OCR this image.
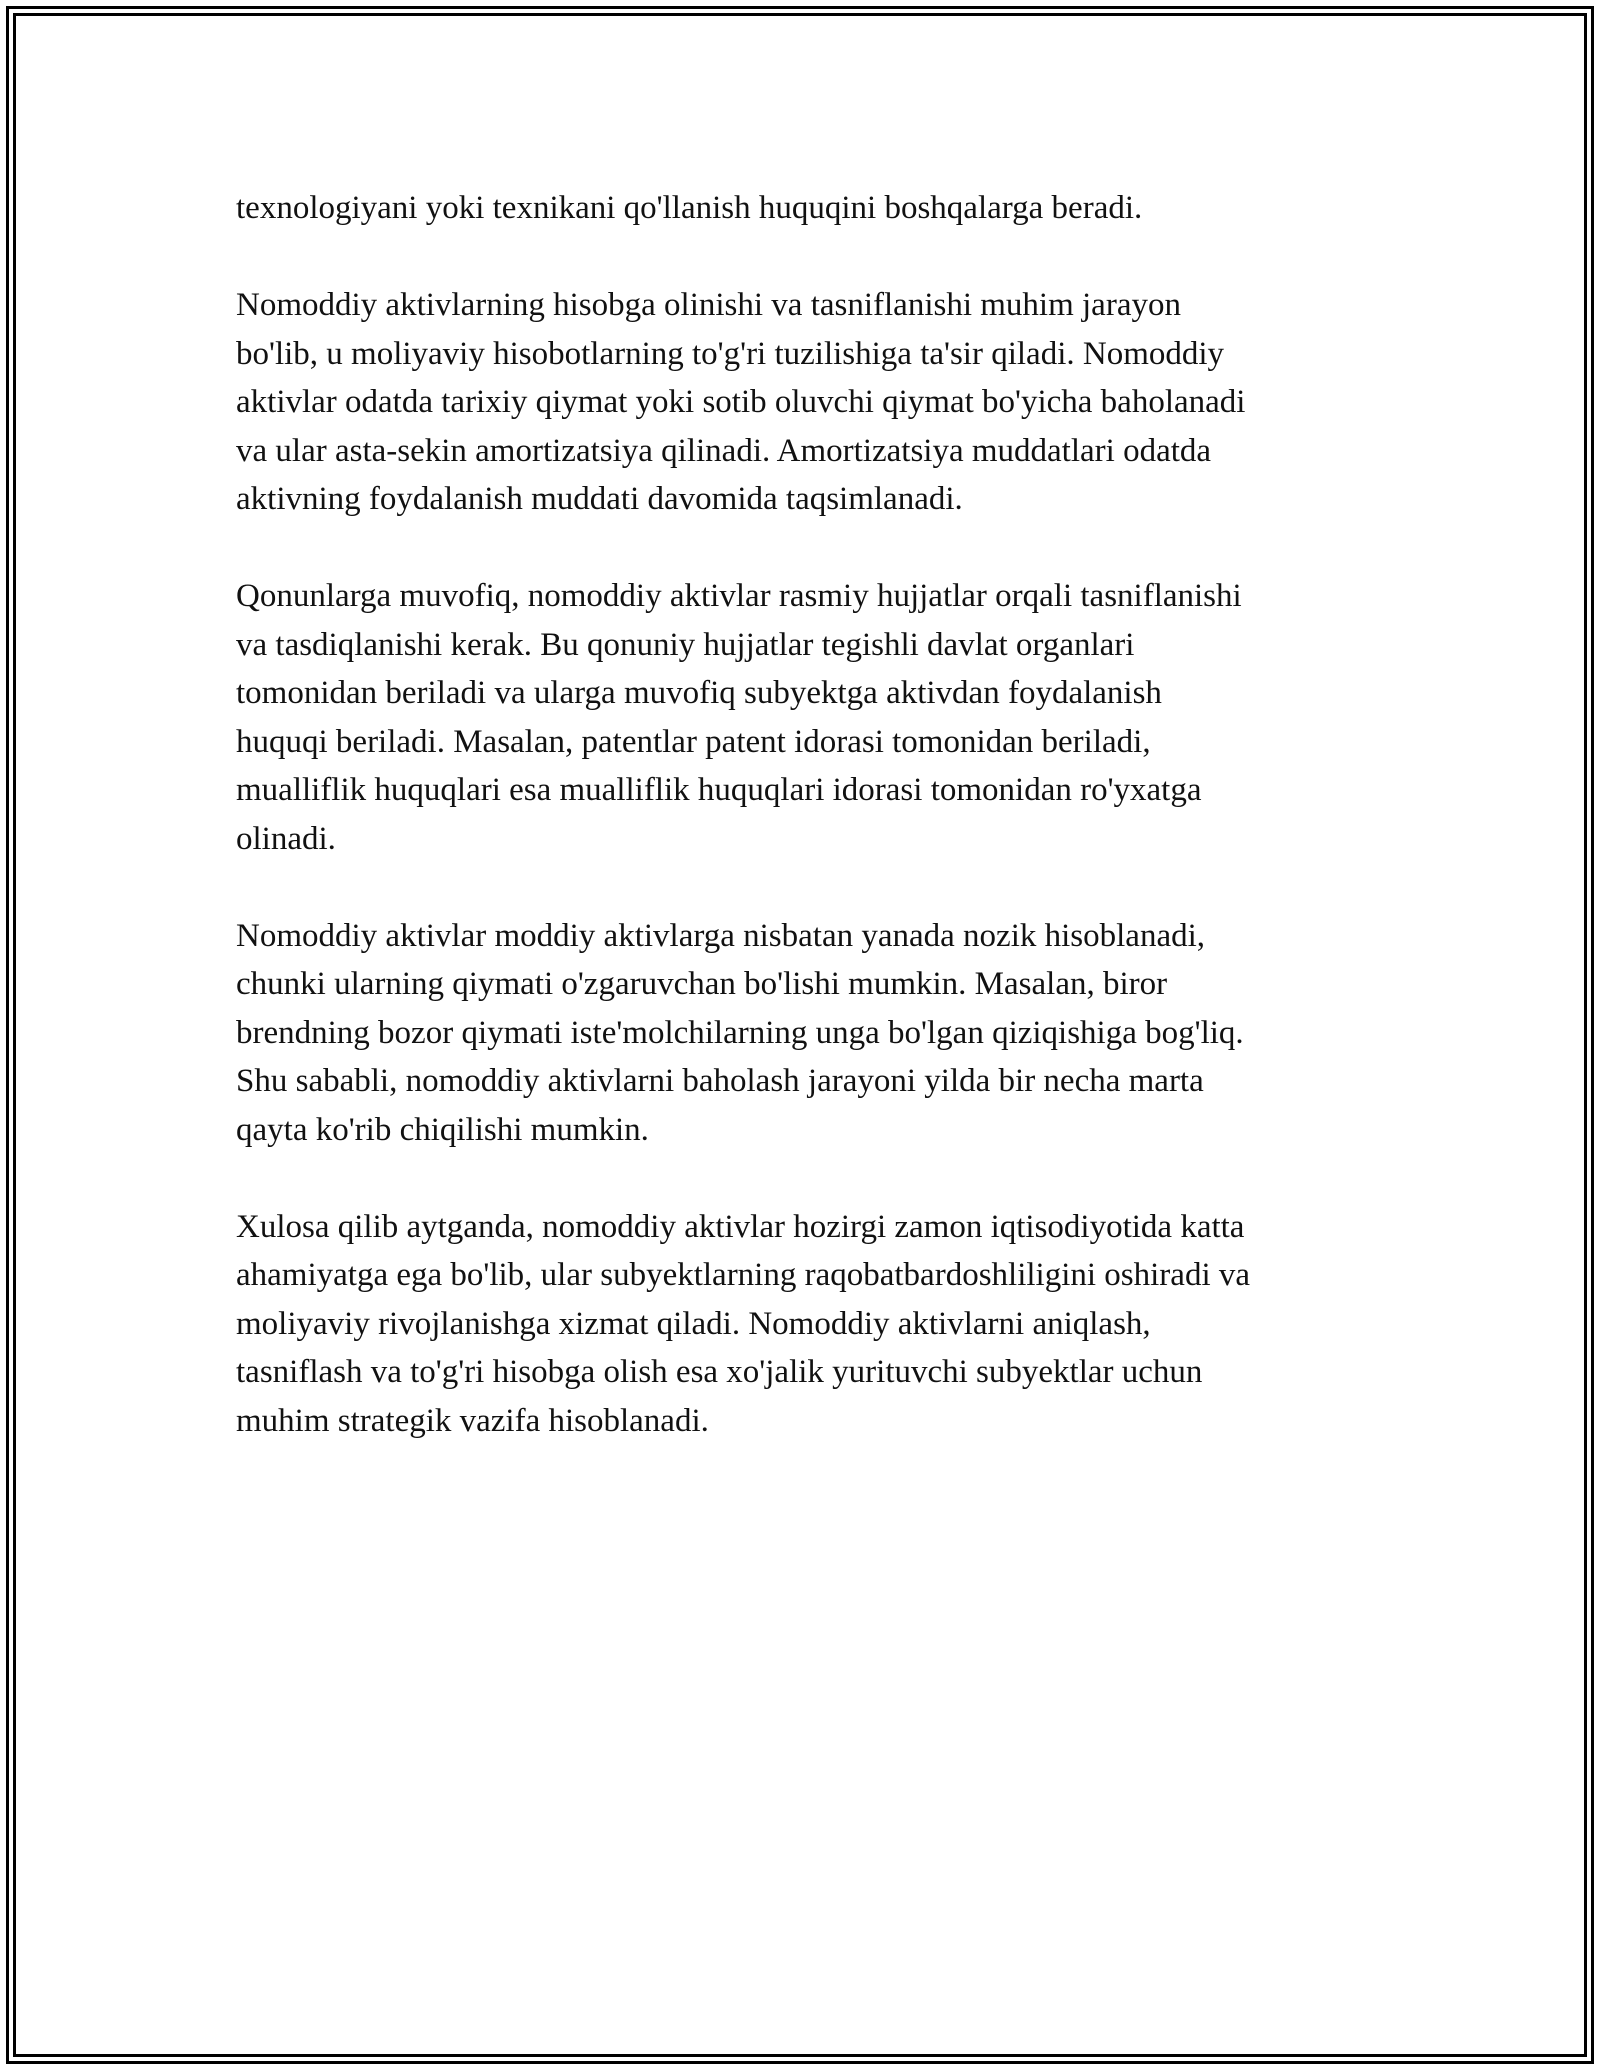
texnologiyani yoki texnikani qo'llanish huquqini boshqalarga beradi.

Nomoddiy aktivlarning hisobga olinishi va tasniflanishi muhim jarayon
bo'lib, u moliyaviy hisobotlarning to'g'ri tuzilishiga ta'sir qiladi. Nomoddiy
aktivlar odatda tarixiy qiymat yoki sotib oluvchi qiymat bo'yicha baholanadi
va ular asta-sekin amortizatsiya qilinadi. Amortizatsiya muddatlari odatda
aktivning foydalanish muddati davomida taqsimlanadi.

Qonunlarga muvofiq, nomoddiy aktivlar rasmiy hujjatlar orqali tasniflanishi
va tasdiqlanishi kerak. Bu qonuniy hujjatlar tegishli davlat organlari
tomonidan beriladi va ularga muvofiq subyektga aktivdan foydalanish
huquqi beriladi. Masalan, patentlar patent idorasi tomonidan beriladi,
mualliflik huquqlari esa mualliflik huquqlari idorasi tomonidan ro'yxatga
olinadi.

Nomoddiy aktivlar moddiy aktivlarga nisbatan yanada nozik hisoblanadi,
chunki ularning qiymati o'zgaruvchan bo'lishi mumkin. Masalan, biror
brendning bozor qiymati iste'molchilarning unga bo'lgan qiziqishiga bog'liq.
Shu sababli, nomoddiy aktivlarni baholash jarayoni yilda bir necha marta
qayta ko'rib chiqilishi mumkin.

Xulosa qilib aytganda, nomoddiy aktivlar hozirgi zamon iqtisodiyotida katta
ahamiyatga ega bo'lib, ular subyektlarning raqobatbardoshliligini oshiradi va
moliyaviy rivojlanishga xizmat qiladi. Nomoddiy aktivlarni aniqlash,
tasniflash va to'g'ri hisobga olish esa xo'jalik yurituvchi subyektlar uchun
muhim strategik vazifa hisoblanadi.
